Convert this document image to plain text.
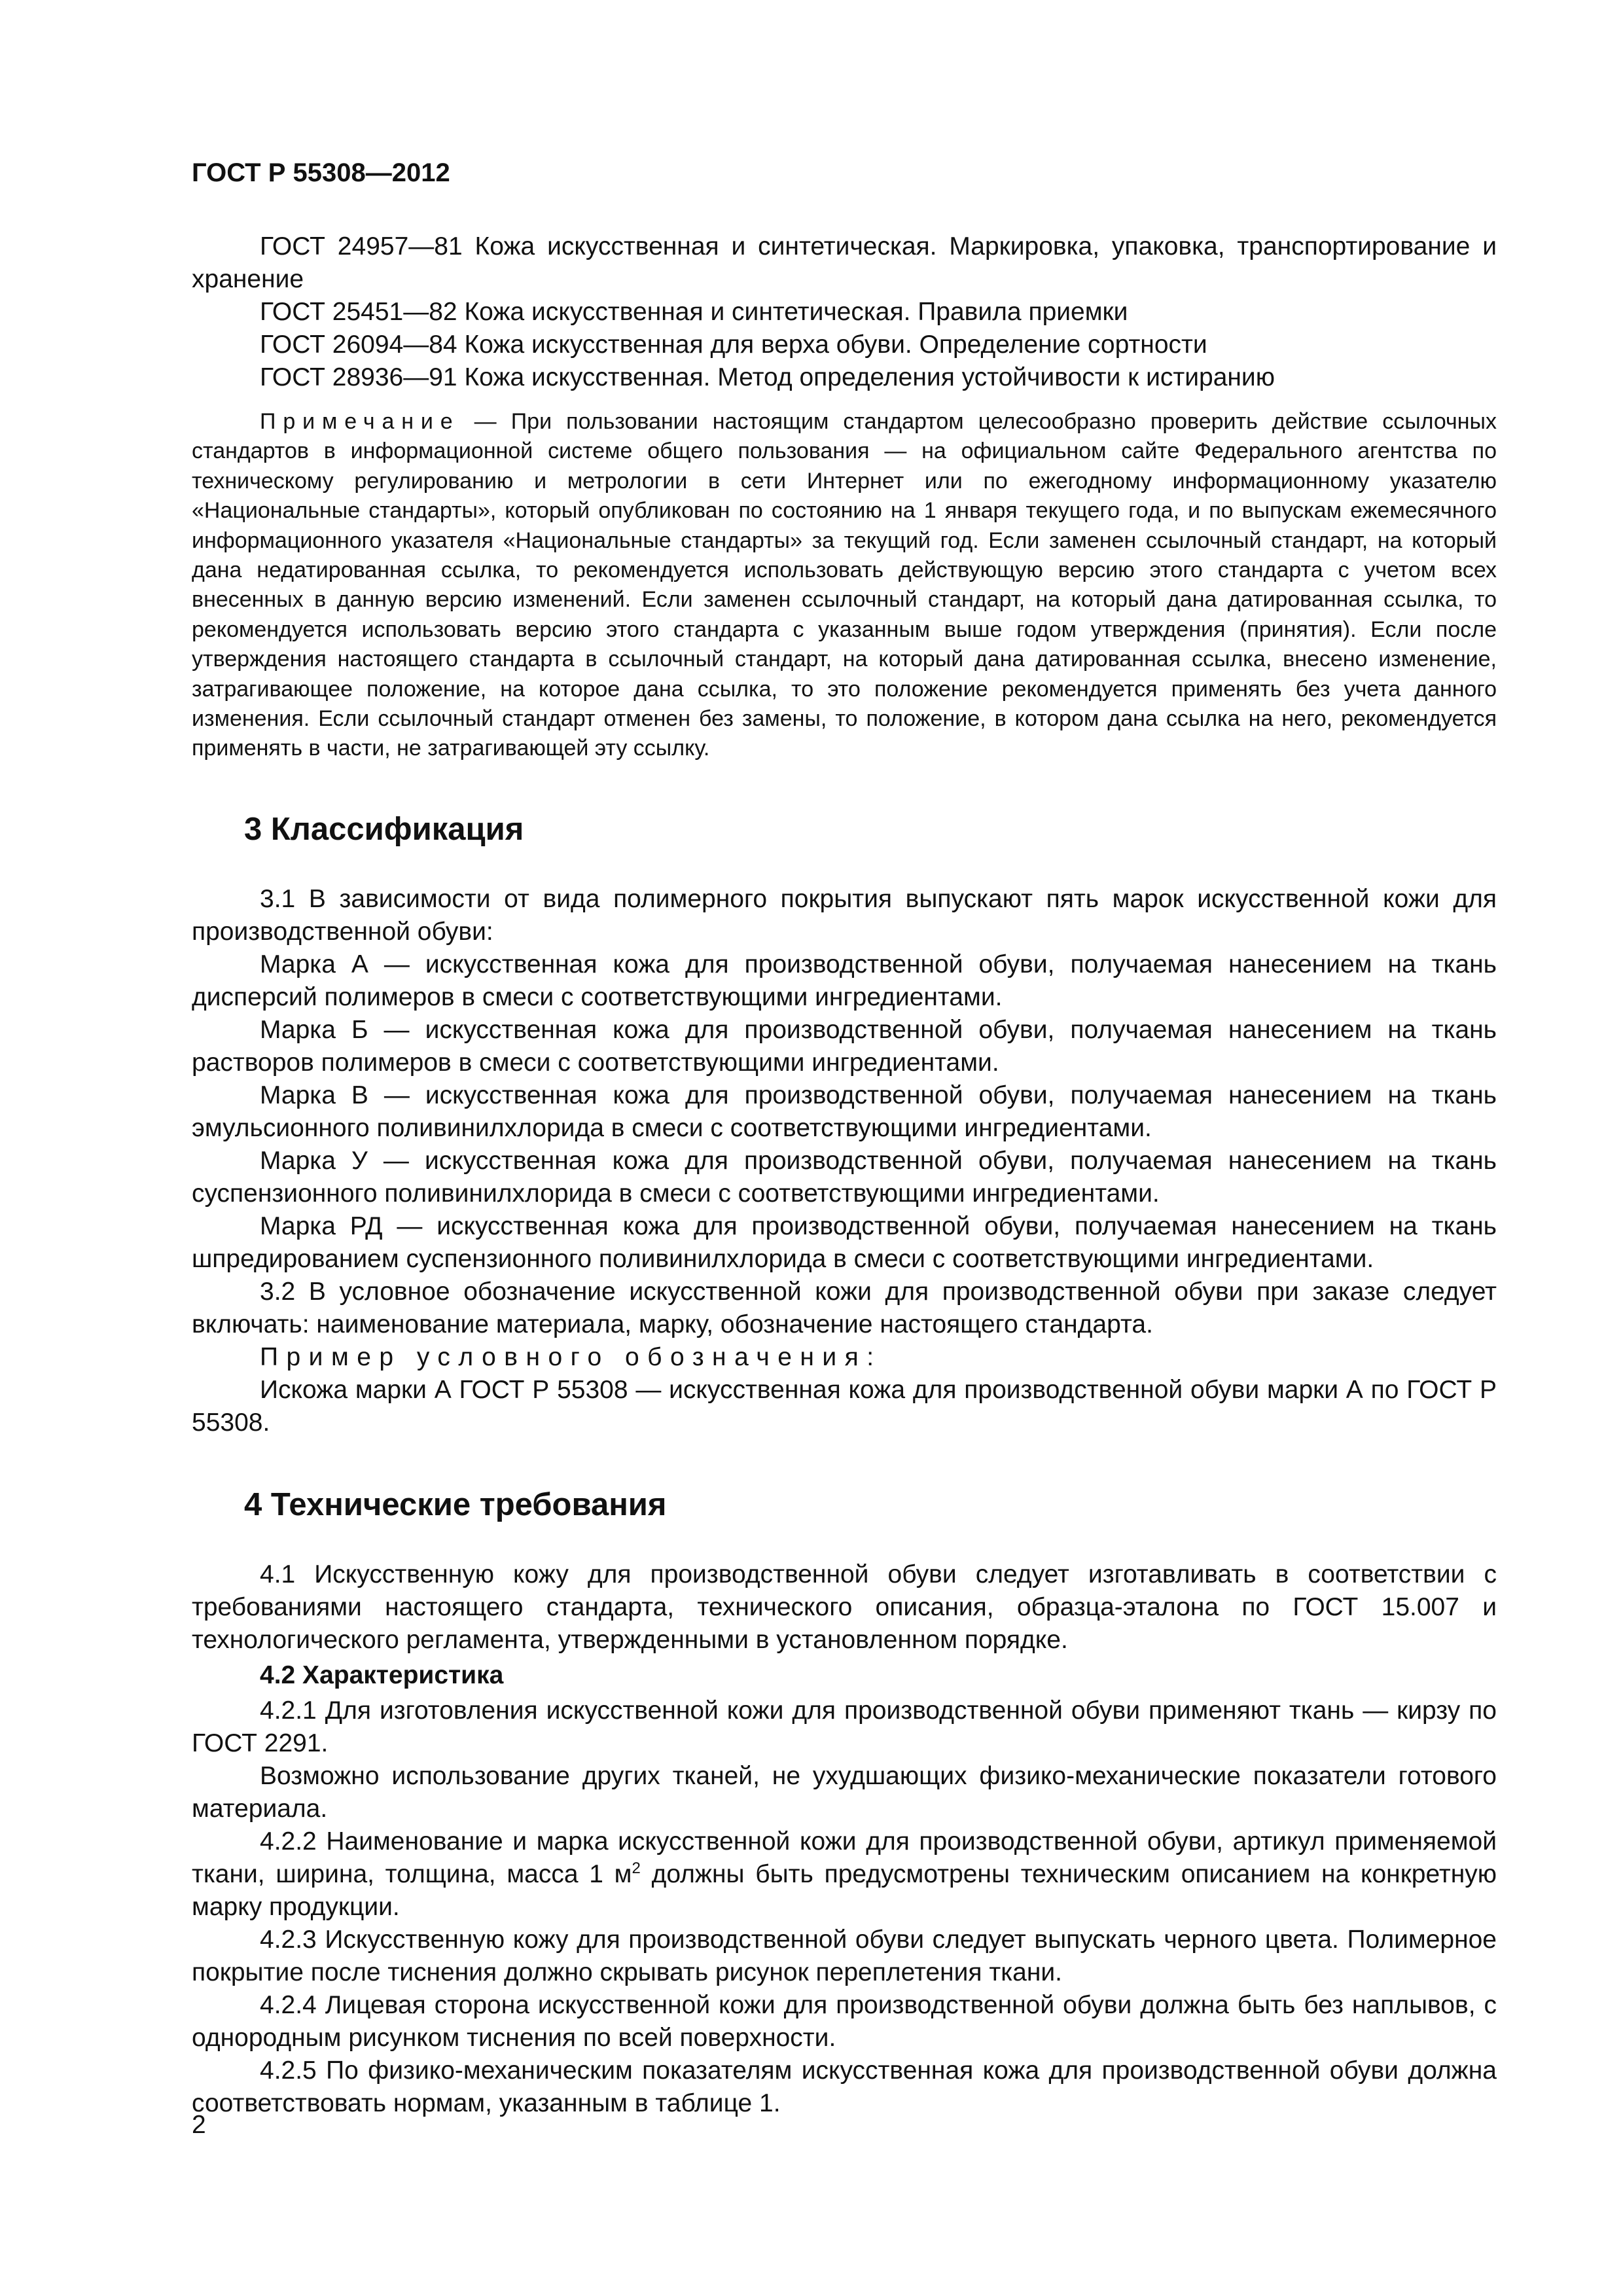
ГОСТ Р 55308—2012

ГОСТ 24957—81 Кожа искусственная и синтетическая. Маркировка, упаковка, транспортирование и хранение

ГОСТ 25451—82 Кожа искусственная и синтетическая. Правила приемки

ГОСТ 26094—84 Кожа искусственная для верха обуви. Определение сортности

ГОСТ 28936—91 Кожа искусственная. Метод определения устойчивости к истиранию

Примечание — При пользовании настоящим стандартом целесообразно проверить действие ссылочных стандартов в информационной системе общего пользования — на официальном сайте Федерального агентства по техническому регулированию и метрологии в сети Интернет или по ежегодному информационному указателю «Национальные стандарты», который опубликован по состоянию на 1 января текущего года, и по выпускам ежемесячного информационного указателя «Национальные стандарты» за текущий год. Если заменен ссылочный стандарт, на который дана недатированная ссылка, то рекомендуется использовать действующую версию этого стандарта с учетом всех внесенных в данную версию изменений. Если заменен ссылочный стандарт, на который дана датированная ссылка, то рекомендуется использовать версию этого стандарта с указанным выше годом утверждения (принятия). Если после утверждения настоящего стандарта в ссылочный стандарт, на который дана датированная ссылка, внесено изменение, затрагивающее положение, на которое дана ссылка, то это положение рекомендуется применять без учета данного изменения. Если ссылочный стандарт отменен без замены, то положение, в котором дана ссылка на него, рекомендуется применять в части, не затрагивающей эту ссылку.

3 Классификация

3.1 В зависимости от вида полимерного покрытия выпускают пять марок искусственной кожи для производственной обуви:

Марка А — искусственная кожа для производственной обуви, получаемая нанесением на ткань дисперсий полимеров в смеси с соответствующими ингредиентами.

Марка Б — искусственная кожа для производственной обуви, получаемая нанесением на ткань растворов полимеров в смеси с соответствующими ингредиентами.

Марка В — искусственная кожа для производственной обуви, получаемая нанесением на ткань эмульсионного поливинилхлорида в смеси с соответствующими ингредиентами.

Марка У — искусственная кожа для производственной обуви, получаемая нанесением на ткань суспензионного поливинилхлорида в смеси с соответствующими ингредиентами.

Марка РД — искусственная кожа для производственной обуви, получаемая нанесением на ткань шпредированием суспензионного поливинилхлорида в смеси с соответствующими ингредиентами.

3.2 В условное обозначение искусственной кожи для производственной обуви при заказе следует включать: наименование материала, марку, обозначение настоящего стандарта.

Пример условного обозначения:

Искожа марки А ГОСТ Р 55308 — искусственная кожа для производственной обуви марки А по ГОСТ Р 55308.

4 Технические требования

4.1 Искусственную кожу для производственной обуви следует изготавливать в соответствии с требованиями настоящего стандарта, технического описания, образца-эталона по ГОСТ 15.007 и технологического регламента, утвержденными в установленном порядке.

4.2 Характеристика

4.2.1 Для изготовления искусственной кожи для производственной обуви применяют ткань — кирзу по ГОСТ 2291.

Возможно использование других тканей, не ухудшающих физико-механические показатели готового материала.

4.2.2 Наименование и марка искусственной кожи для производственной обуви, артикул применяемой ткани, ширина, толщина, масса 1 $м^2$ должны быть предусмотрены техническим описанием на конкретную марку продукции.

4.2.3 Искусственную кожу для производственной обуви следует выпускать черного цвета. Полимерное покрытие после тиснения должно скрывать рисунок переплетения ткани.

4.2.4 Лицевая сторона искусственной кожи для производственной обуви должна быть без наплывов, с однородным рисунком тиснения по всей поверхности.

4.2.5 По физико-механическим показателям искусственная кожа для производственной обуви должна соответствовать нормам, указанным в таблице 1.

2
